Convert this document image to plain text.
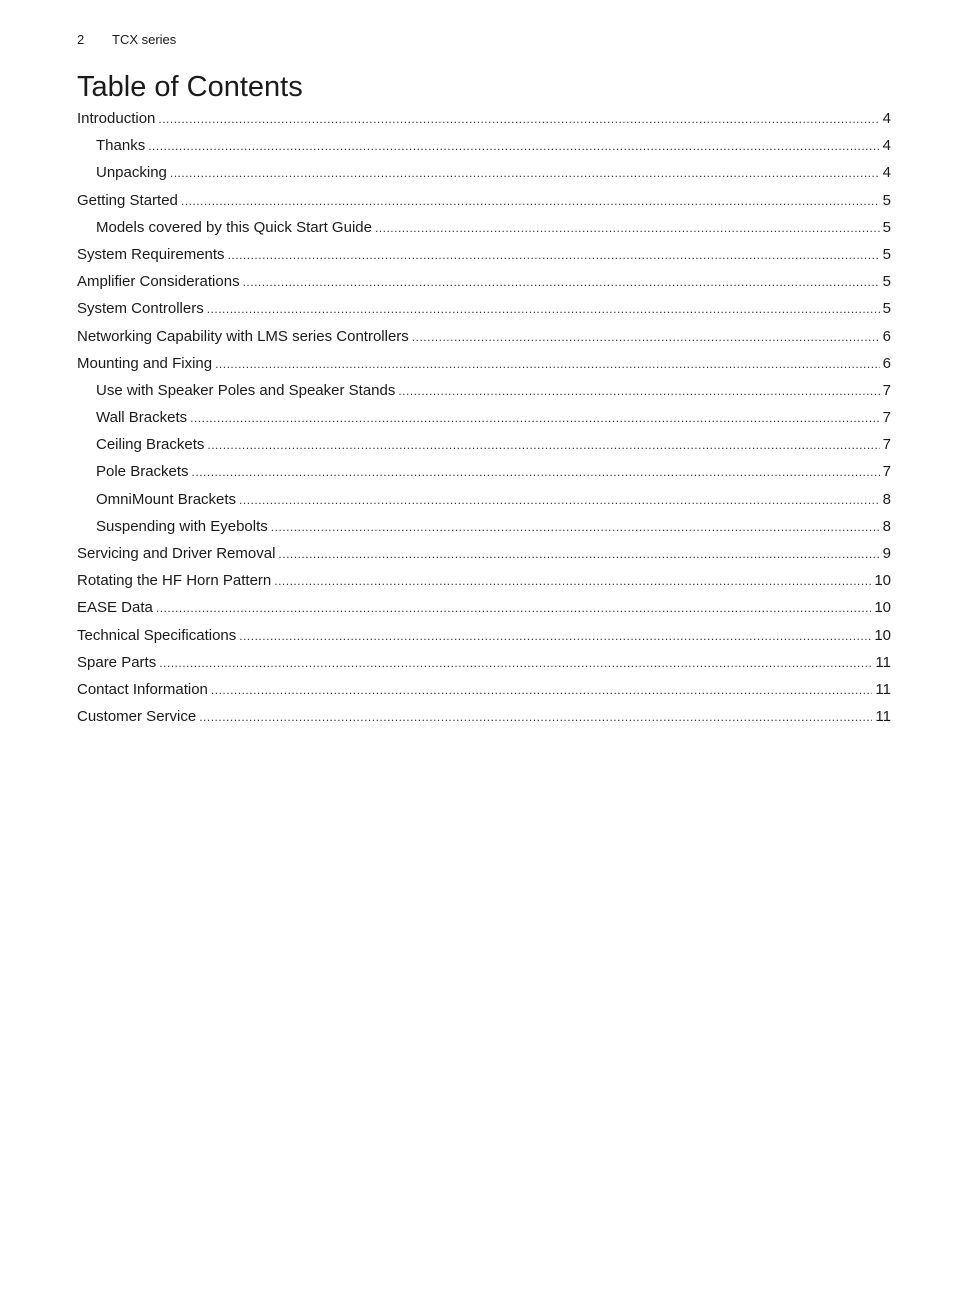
2 TCX series
Table of Contents
Introduction .....	4
Thanks .....	4
Unpacking .....	4
Getting Started .....	5
Models covered by this Quick Start Guide .....	5
System Requirements .....	5
Amplifier Considerations .....	5
System Controllers .....	5
Networking Capability with LMS series Controllers .....	6
Mounting and Fixing .....	6
Use with Speaker Poles and Speaker Stands .....	7
Wall Brackets .....	7
Ceiling Brackets .....	7
Pole Brackets .....	7
OmniMount Brackets .....	8
Suspending with Eyebolts .....	8
Servicing and Driver Removal .....	9
Rotating the HF Horn Pattern .....	10
EASE Data .....	10
Technical Specifications .....	10
Spare Parts .....	11
Contact Information .....	11
Customer Service .....	11
